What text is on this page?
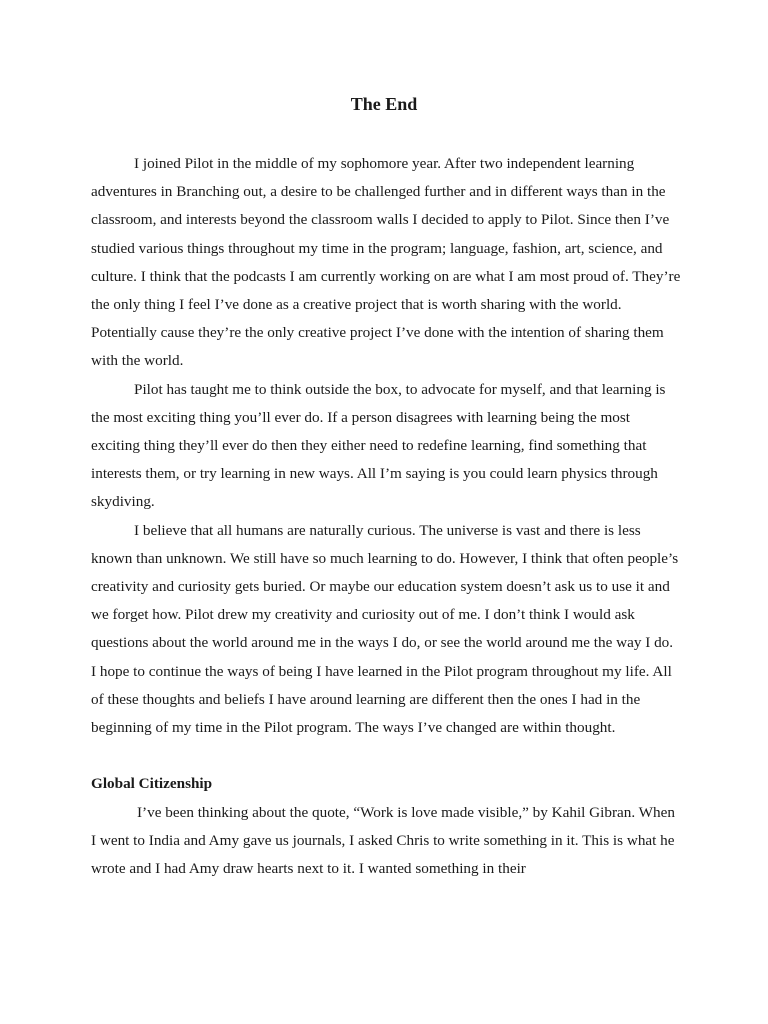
The End

I joined Pilot in the middle of my sophomore year. After two independent learning adventures in Branching out, a desire to be challenged further and in different ways than in the classroom, and interests beyond the classroom walls I decided to apply to Pilot. Since then I’ve studied various things throughout my time in the program; language, fashion, art, science, and culture. I think that the podcasts I am currently working on are what I am most proud of. They’re the only thing I feel I’ve done as a creative project that is worth sharing with the world. Potentially cause they’re the only creative project I’ve done with the intention of sharing them with the world.

Pilot has taught me to think outside the box, to advocate for myself, and that learning is the most exciting thing you’ll ever do. If a person disagrees with learning being the most exciting thing they’ll ever do then they either need to redefine learning, find something that interests them, or try learning in new ways. All I’m saying is you could learn physics through skydiving.

I believe that all humans are naturally curious. The universe is vast and there is less known than unknown. We still have so much learning to do. However, I think that often people’s creativity and curiosity gets buried. Or maybe our education system doesn’t ask us to use it and we forget how. Pilot drew my creativity and curiosity out of me. I don’t think I would ask questions about the world around me in the ways I do, or see the world around me the way I do. I hope to continue the ways of being I have learned in the Pilot program throughout my life. All of these thoughts and beliefs I have around learning are different then the ones I had in the beginning of my time in the Pilot program. The ways I’ve changed are within thought.

Global Citizenship

I’ve been thinking about the quote, “Work is love made visible,” by Kahil Gibran. When I went to India and Amy gave us journals, I asked Chris to write something in it. This is what he wrote and I had Amy draw hearts next to it. I wanted something in their
